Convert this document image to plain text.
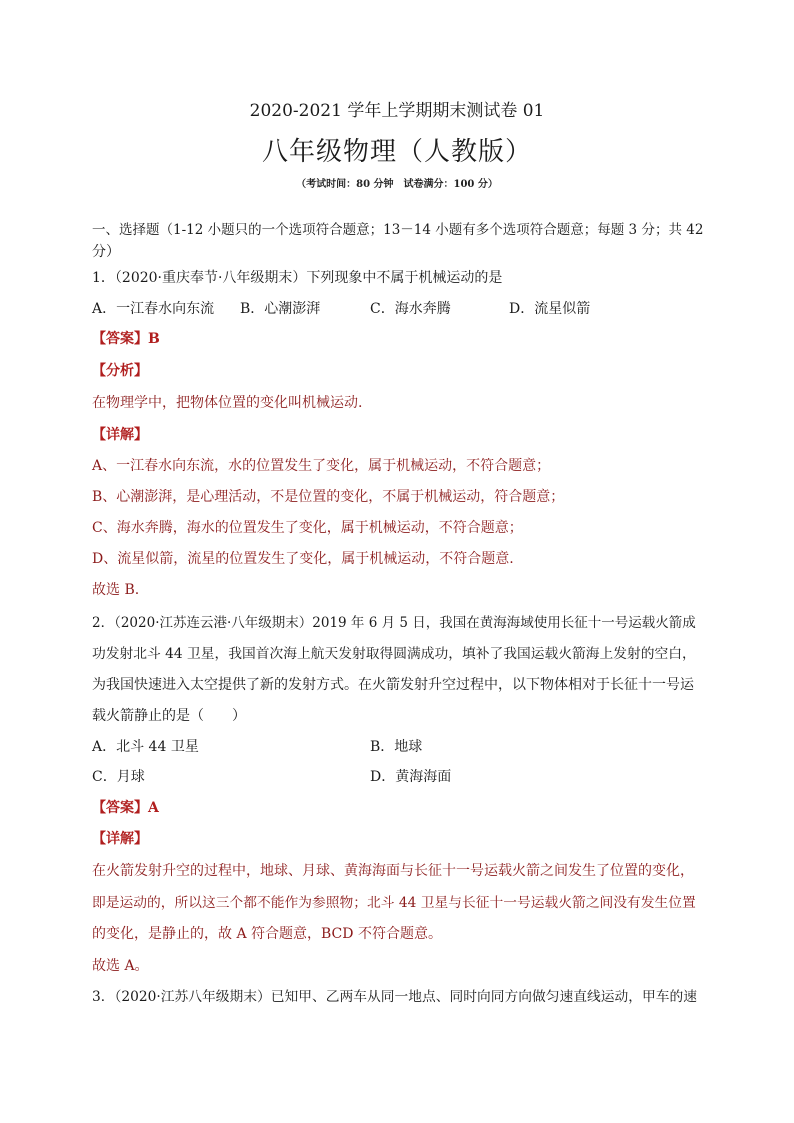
2020-2021 学年上学期期末测试卷 01
八年级物理（人教版）
（考试时间：80 分钟　试卷满分：100 分）
一、选择题（1-12 小题只的一个选项符合题意；13－14 小题有多个选项符合题意；每题 3 分；共 42
分）
1．（2020·重庆奉节·八年级期末）下列现象中不属于机械运动的是
A．一江春水向东流 B．心潮澎湃	C．海水奔腾	D．流星似箭
【答案】B
【分析】
在物理学中，把物体位置的变化叫机械运动.
【详解】
A、一江春水向东流，水的位置发生了变化，属于机械运动，不符合题意；
B、心潮澎湃，是心理活动，不是位置的变化，不属于机械运动，符合题意；
C、海水奔腾，海水的位置发生了变化，属于机械运动，不符合题意；
D、流星似箭，流星的位置发生了变化，属于机械运动，不符合题意.
故选 B.
2．（2020·江苏连云港·八年级期末）2019 年 6 月 5 日，我国在黄海海域使用长征十一号运载火箭成
功发射北斗 44 卫星，我国首次海上航天发射取得圆满成功，填补了我国运载火箭海上发射的空白，
为我国快速进入太空提供了新的发射方式。在火箭发射升空过程中，以下物体相对于长征十一号运
载火箭静止的是（　　）
A．北斗 44 卫星	B．地球
C．月球	D．黄海海面
【答案】A
【详解】
在火箭发射升空的过程中，地球、月球、黄海海面与长征十一号运载火箭之间发生了位置的变化，
即是运动的，所以这三个都不能作为参照物；北斗 44 卫星与长征十一号运载火箭之间没有发生位置
的变化，是静止的，故 A 符合题意，BCD 不符合题意。
故选 A。
3．（2020·江苏八年级期末）已知甲、乙两车从同一地点、同时向同方向做匀速直线运动，甲车的速
